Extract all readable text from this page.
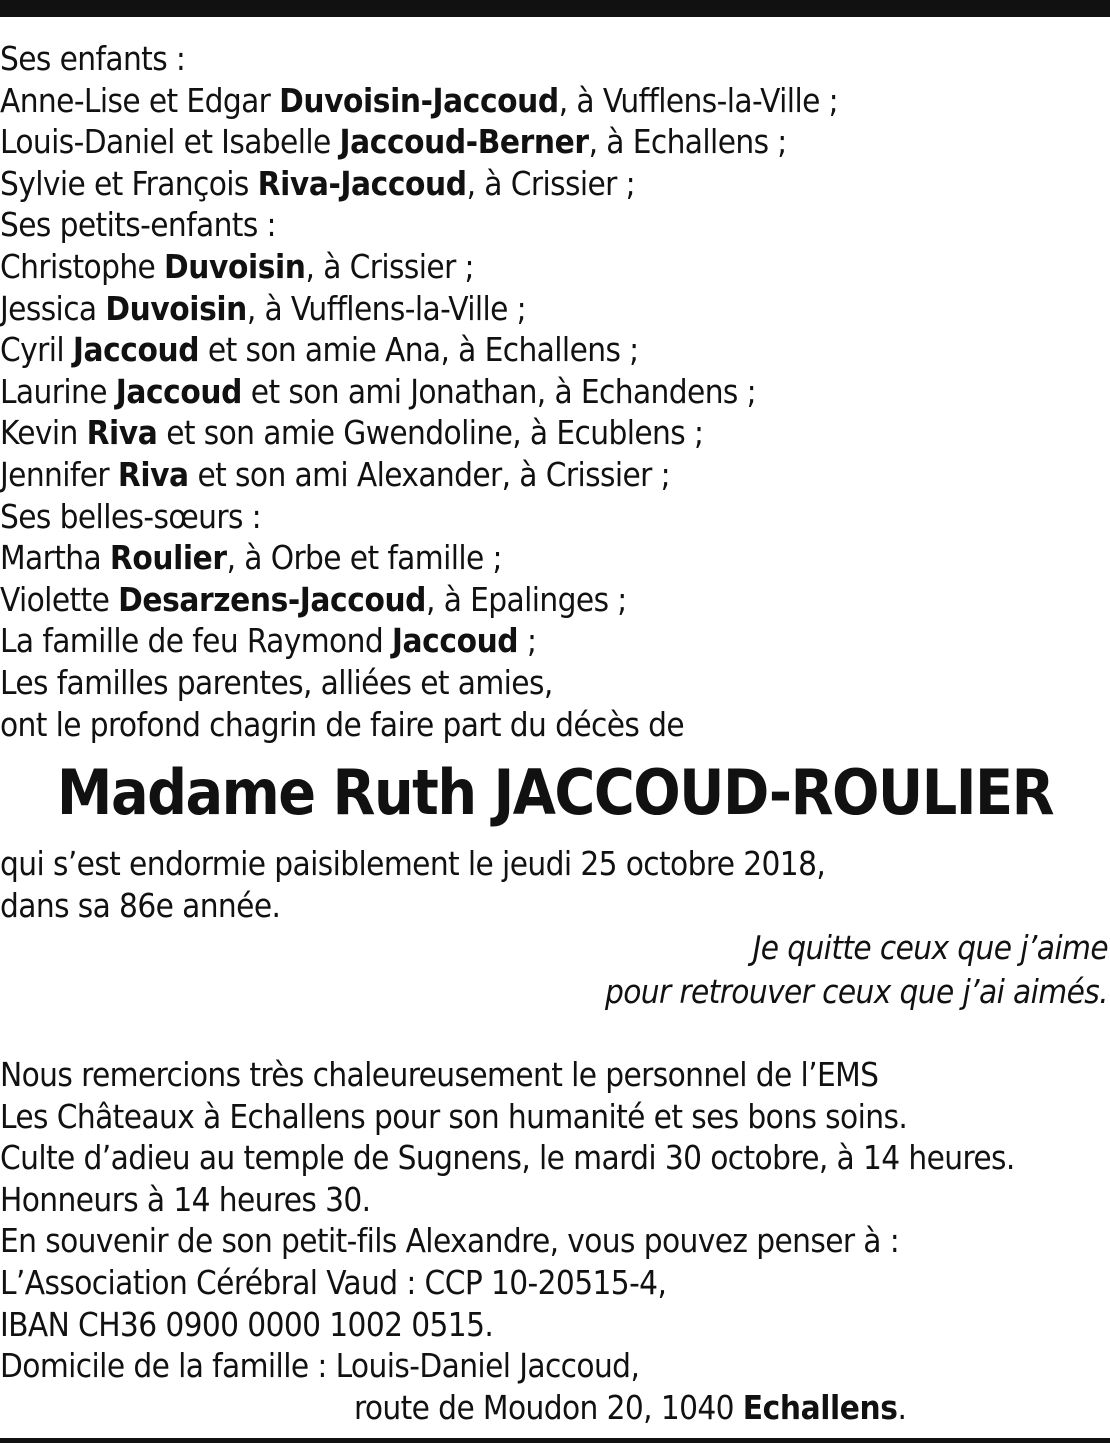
Ses enfants :
Anne-Lise et Edgar Duvoisin-Jaccoud, à Vufflens-la-Ville ;
Louis-Daniel et Isabelle Jaccoud-Berner, à Echallens ;
Sylvie et François Riva-Jaccoud, à Crissier ;
Ses petits-enfants :
Christophe Duvoisin, à Crissier ;
Jessica Duvoisin, à Vufflens-la-Ville ;
Cyril Jaccoud et son amie Ana, à Echallens ;
Laurine Jaccoud et son ami Jonathan, à Echandens ;
Kevin Riva et son amie Gwendoline, à Ecublens ;
Jennifer Riva et son ami Alexander, à Crissier ;
Ses belles-sœurs :
Martha Roulier, à Orbe et famille ;
Violette Desarzens-Jaccoud, à Epalinges ;
La famille de feu Raymond Jaccoud ;
Les familles parentes, alliées et amies,
ont le profond chagrin de faire part du décès de
Madame Ruth JACCOUD-ROULIER
qui s’est endormie paisiblement le jeudi 25 octobre 2018,
dans sa 86e année.
Je quitte ceux que j’aime
pour retrouver ceux que j’ai aimés.
Nous remercions très chaleureusement le personnel de l’EMS
Les Châteaux à Echallens pour son humanité et ses bons soins.
Culte d’adieu au temple de Sugnens, le mardi 30 octobre, à 14 heures.
Honneurs à 14 heures 30.
En souvenir de son petit-fils Alexandre, vous pouvez penser à :
L’Association Cérébral Vaud : CCP 10-20515-4,
IBAN CH36 0900 0000 1002 0515.
Domicile de la famille : Louis-Daniel Jaccoud,
route de Moudon 20, 1040 Echallens.
